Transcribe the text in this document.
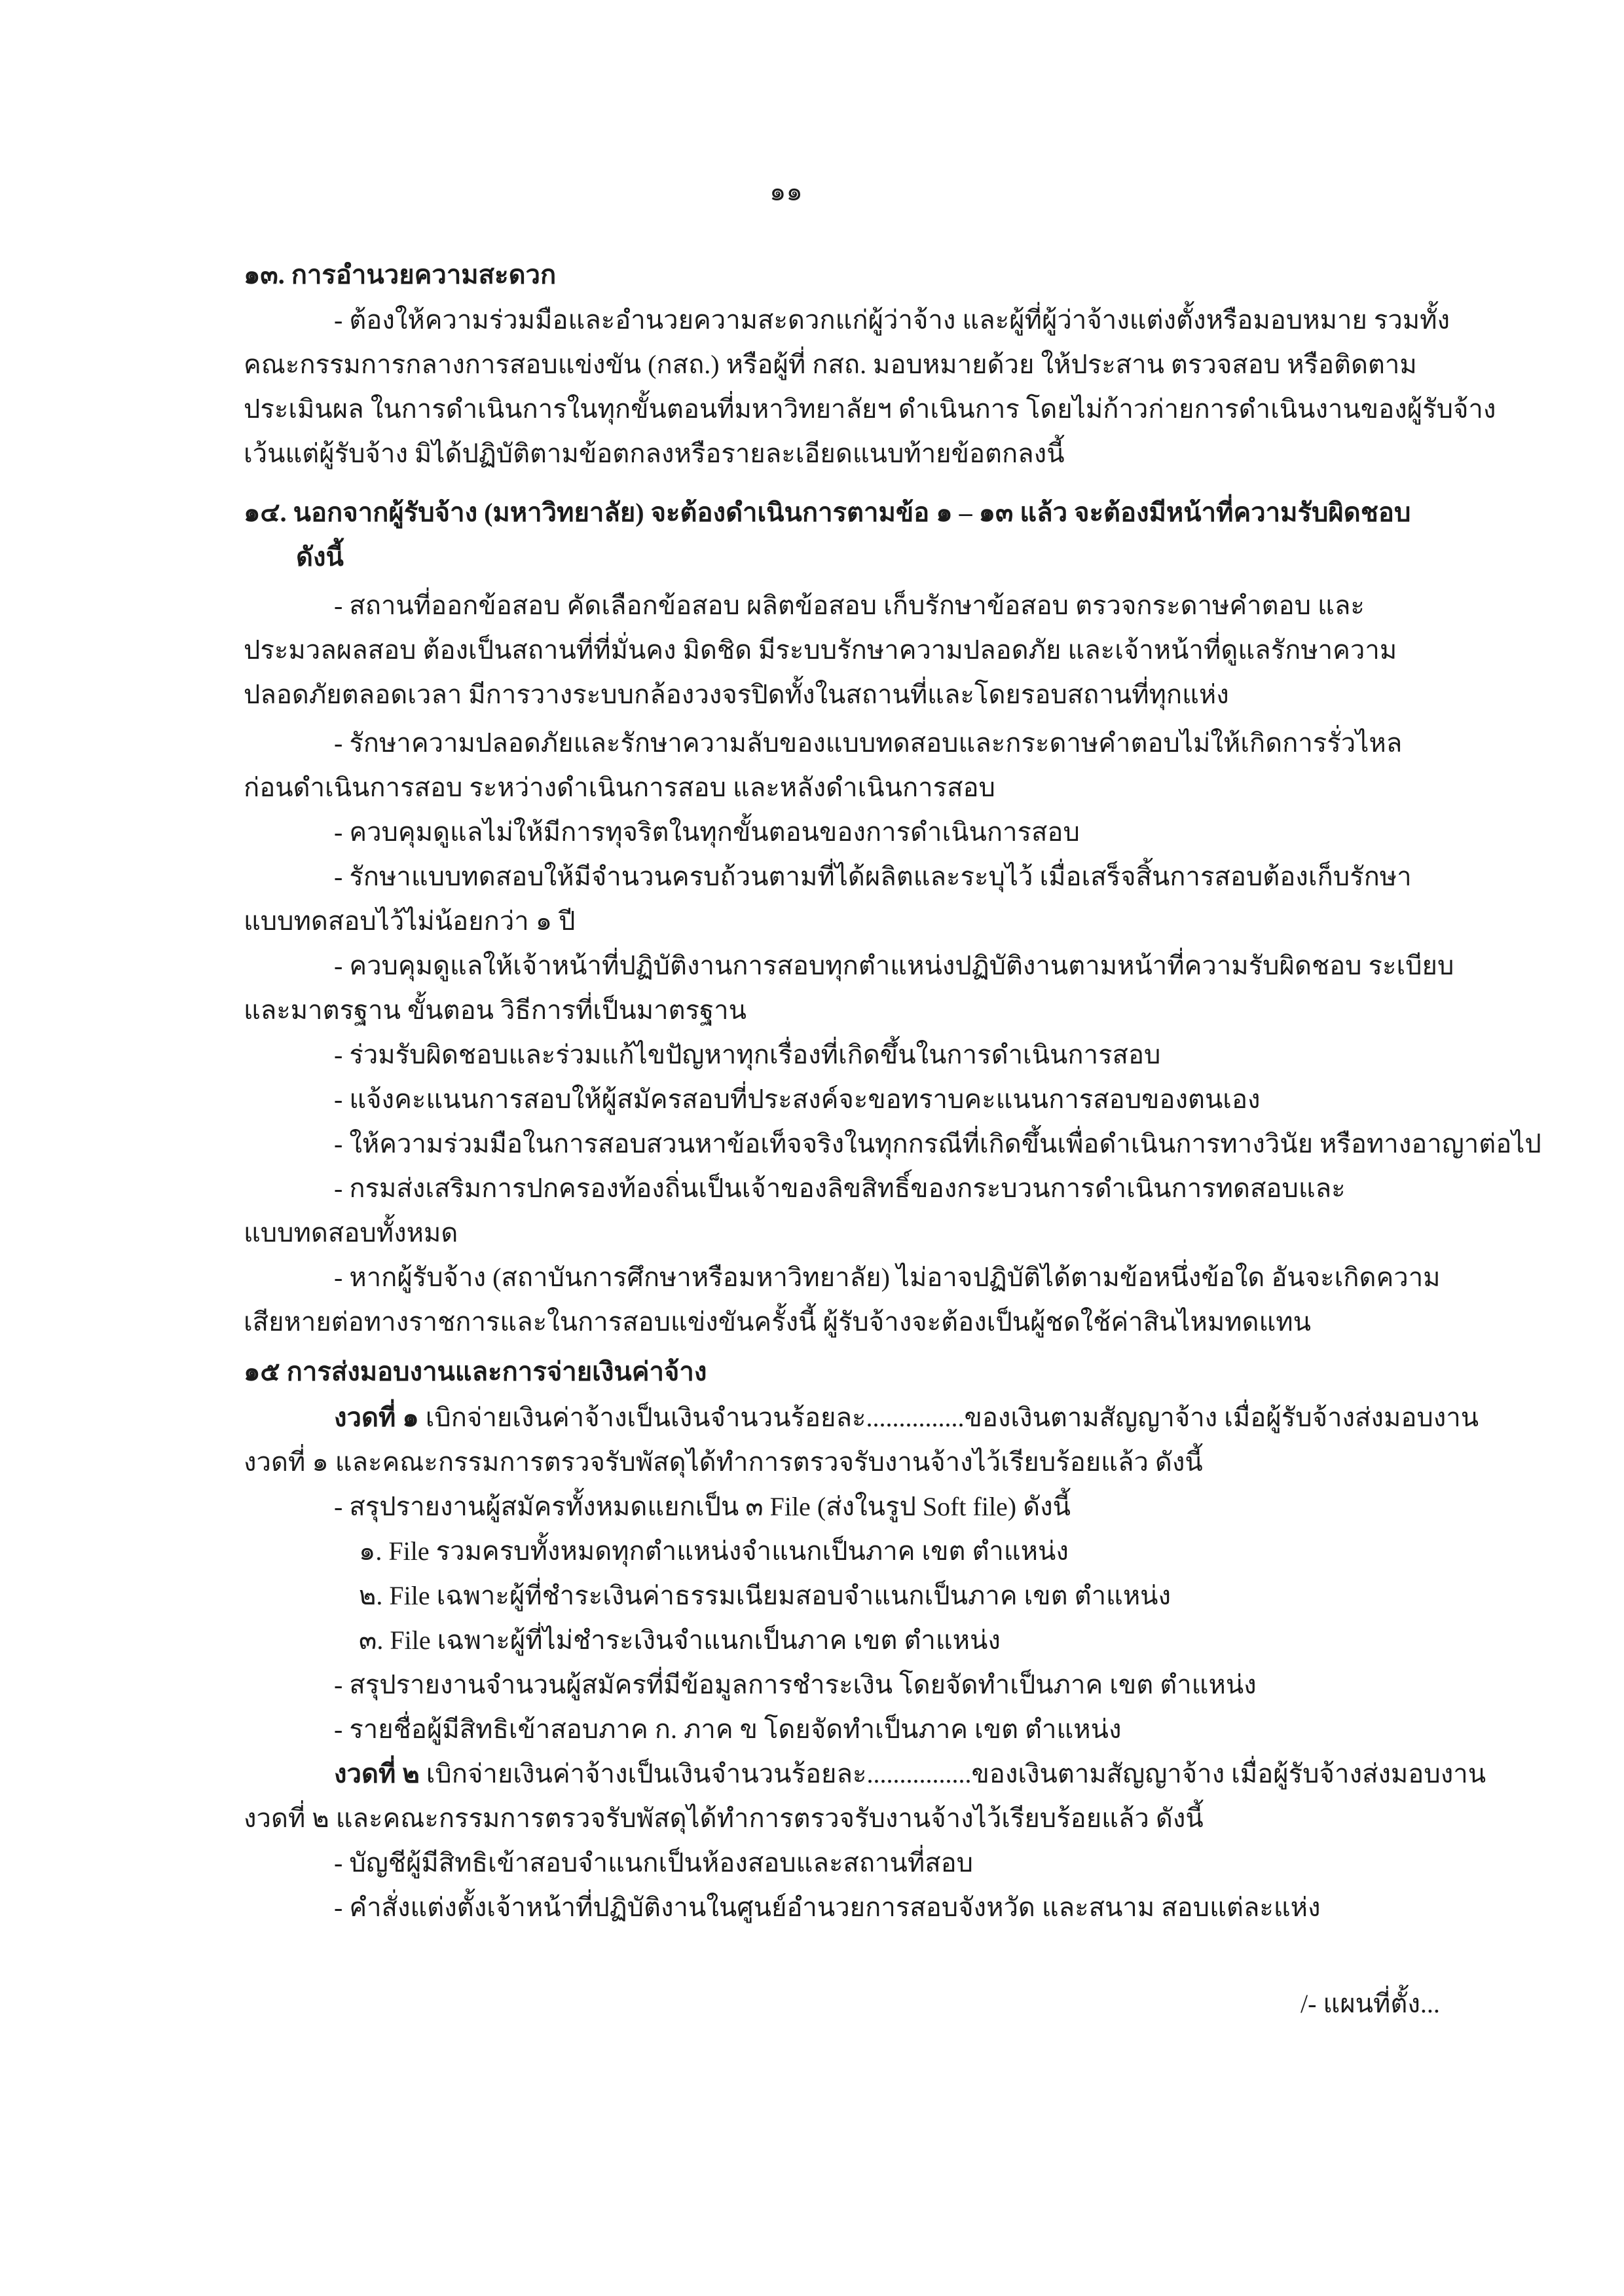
๑๑
๑๓. การอำนวยความสะดวก
- ต้องให้ความร่วมมือและอำนวยความสะดวกแก่ผู้ว่าจ้าง และผู้ที่ผู้ว่าจ้างแต่งตั้งหรือมอบหมาย รวมทั้ง
คณะกรรมการกลางการสอบแข่งขัน (กสถ.) หรือผู้ที่ กสถ. มอบหมายด้วย ให้ประสาน ตรวจสอบ หรือติดตาม
ประเมินผล ในการดำเนินการในทุกขั้นตอนที่มหาวิทยาลัยฯ ดำเนินการ โดยไม่ก้าวก่ายการดำเนินงานของผู้รับจ้าง
เว้นแต่ผู้รับจ้าง มิได้ปฏิบัติตามข้อตกลงหรือรายละเอียดแนบท้ายข้อตกลงนี้
๑๔. นอกจากผู้รับจ้าง (มหาวิทยาลัย) จะต้องดำเนินการตามข้อ ๑ – ๑๓ แล้ว จะต้องมีหน้าที่ความรับผิดชอบ
ดังนี้
- สถานที่ออกข้อสอบ คัดเลือกข้อสอบ ผลิตข้อสอบ เก็บรักษาข้อสอบ ตรวจกระดาษคำตอบ และ
ประมวลผลสอบ ต้องเป็นสถานที่ที่มั่นคง มิดชิด มีระบบรักษาความปลอดภัย และเจ้าหน้าที่ดูแลรักษาความ
ปลอดภัยตลอดเวลา มีการวางระบบกล้องวงจรปิดทั้งในสถานที่และโดยรอบสถานที่ทุกแห่ง
- รักษาความปลอดภัยและรักษาความลับของแบบทดสอบและกระดาษคำตอบไม่ให้เกิดการรั่วไหล
ก่อนดำเนินการสอบ ระหว่างดำเนินการสอบ และหลังดำเนินการสอบ
- ควบคุมดูแลไม่ให้มีการทุจริตในทุกขั้นตอนของการดำเนินการสอบ
- รักษาแบบทดสอบให้มีจำนวนครบถ้วนตามที่ได้ผลิตและระบุไว้ เมื่อเสร็จสิ้นการสอบต้องเก็บรักษา
แบบทดสอบไว้ไม่น้อยกว่า ๑ ปี
- ควบคุมดูแลให้เจ้าหน้าที่ปฏิบัติงานการสอบทุกตำแหน่งปฏิบัติงานตามหน้าที่ความรับผิดชอบ ระเบียบ
และมาตรฐาน ขั้นตอน วิธีการที่เป็นมาตรฐาน
- ร่วมรับผิดชอบและร่วมแก้ไขปัญหาทุกเรื่องที่เกิดขึ้นในการดำเนินการสอบ
- แจ้งคะแนนการสอบให้ผู้สมัครสอบที่ประสงค์จะขอทราบคะแนนการสอบของตนเอง
- ให้ความร่วมมือในการสอบสวนหาข้อเท็จจริงในทุกกรณีที่เกิดขึ้นเพื่อดำเนินการทางวินัย หรือทางอาญาต่อไป
- กรมส่งเสริมการปกครองท้องถิ่นเป็นเจ้าของลิขสิทธิ์ของกระบวนการดำเนินการทดสอบและ
แบบทดสอบทั้งหมด
- หากผู้รับจ้าง (สถาบันการศึกษาหรือมหาวิทยาลัย) ไม่อาจปฏิบัติได้ตามข้อหนึ่งข้อใด อันจะเกิดความ
เสียหายต่อทางราชการและในการสอบแข่งขันครั้งนี้ ผู้รับจ้างจะต้องเป็นผู้ชดใช้ค่าสินไหมทดแทน
๑๕ การส่งมอบงานและการจ่ายเงินค่าจ้าง
งวดที่ ๑ เบิกจ่ายเงินค่าจ้างเป็นเงินจำนวนร้อยละ...............ของเงินตามสัญญาจ้าง เมื่อผู้รับจ้างส่งมอบงาน
งวดที่ ๑ และคณะกรรมการตรวจรับพัสดุได้ทำการตรวจรับงานจ้างไว้เรียบร้อยแล้ว ดังนี้
- สรุปรายงานผู้สมัครทั้งหมดแยกเป็น ๓ File (ส่งในรูป Soft file) ดังนี้
๑. File รวมครบทั้งหมดทุกตำแหน่งจำแนกเป็นภาค เขต ตำแหน่ง
๒. File เฉพาะผู้ที่ชำระเงินค่าธรรมเนียมสอบจำแนกเป็นภาค เขต ตำแหน่ง
๓. File เฉพาะผู้ที่ไม่ชำระเงินจำแนกเป็นภาค เขต ตำแหน่ง
- สรุปรายงานจำนวนผู้สมัครที่มีข้อมูลการชำระเงิน โดยจัดทำเป็นภาค เขต ตำแหน่ง
- รายชื่อผู้มีสิทธิเข้าสอบภาค ก. ภาค ข โดยจัดทำเป็นภาค เขต ตำแหน่ง
งวดที่ ๒ เบิกจ่ายเงินค่าจ้างเป็นเงินจำนวนร้อยละ................ของเงินตามสัญญาจ้าง เมื่อผู้รับจ้างส่งมอบงาน
งวดที่ ๒ และคณะกรรมการตรวจรับพัสดุได้ทำการตรวจรับงานจ้างไว้เรียบร้อยแล้ว ดังนี้
- บัญชีผู้มีสิทธิเข้าสอบจำแนกเป็นห้องสอบและสถานที่สอบ
- คำสั่งแต่งตั้งเจ้าหน้าที่ปฏิบัติงานในศูนย์อำนวยการสอบจังหวัด และสนาม สอบแต่ละแห่ง
/- แผนที่ตั้ง...
